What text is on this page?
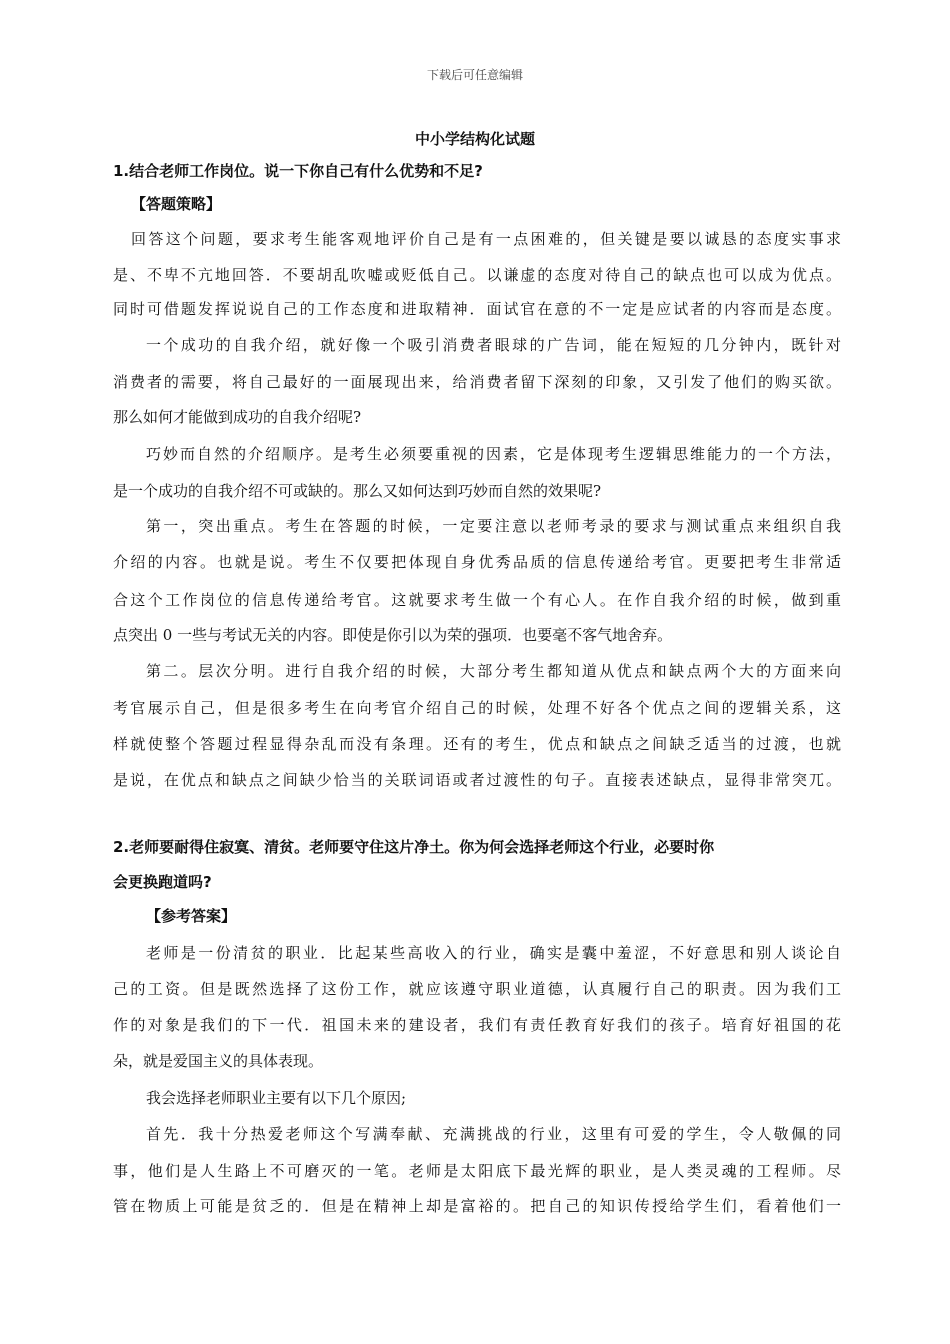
下载后可任意编辑
中小学结构化试题
1.结合老师工作岗位。说一下你自己有什么优势和不足?
【答题策略】
回答这个问题，要求考生能客观地评价自己是有一点困难的，但关键是要以诚恳的态度实事求
是、不卑不亢地回答．不要胡乱吹嘘或贬低自己。以谦虚的态度对待自己的缺点也可以成为优点。
同时可借题发挥说说自己的工作态度和进取精神．面试官在意的不一定是应试者的内容而是态度。
一个成功的自我介绍，就好像一个吸引消费者眼球的广告词，能在短短的几分钟内，既针对
消费者的需要，将自己最好的一面展现出来，给消费者留下深刻的印象，又引发了他们的购买欲。
那么如何才能做到成功的自我介绍呢?
巧妙而自然的介绍顺序。是考生必须要重视的因素，它是体现考生逻辑思维能力的一个方法，
是一个成功的自我介绍不可或缺的。那么又如何达到巧妙而自然的效果呢?
第一，突出重点。考生在答题的时候，一定要注意以老师考录的要求与测试重点来组织自我
介绍的内容。也就是说。考生不仅要把体现自身优秀品质的信息传递给考官。更要把考生非常适
合这个工作岗位的信息传递给考官。这就要求考生做一个有心人。在作自我介绍的时候，做到重
点突出 0 一些与考试无关的内容。即使是你引以为荣的强项．也要毫不客气地舍弃。
第二。层次分明。进行自我介绍的时候，大部分考生都知道从优点和缺点两个大的方面来向
考官展示自己，但是很多考生在向考官介绍自己的时候，处理不好各个优点之间的逻辑关系，这
样就使整个答题过程显得杂乱而没有条理。还有的考生，优点和缺点之间缺乏适当的过渡，也就
是说，在优点和缺点之间缺少恰当的关联词语或者过渡性的句子。直接表述缺点，显得非常突兀。
2.老师要耐得住寂寞、清贫。老师要守住这片净土。你为何会选择老师这个行业，必要时你
会更换跑道吗?
【参考答案】
老师是一份清贫的职业．比起某些高收入的行业，确实是囊中羞涩，不好意思和别人谈论自
己的工资。但是既然选择了这份工作，就应该遵守职业道德，认真履行自己的职责。因为我们工
作的对象是我们的下一代．祖国未来的建设者，我们有责任教育好我们的孩子。培育好祖国的花
朵，就是爱国主义的具体表现。
我会选择老师职业主要有以下几个原因;
首先．我十分热爱老师这个写满奉献、充满挑战的行业，这里有可爱的学生，令人敬佩的同
事，他们是人生路上不可磨灭的一笔。老师是太阳底下最光辉的职业，是人类灵魂的工程师。尽
管在物质上可能是贫乏的．但是在精神上却是富裕的。把自己的知识传授给学生们，看着他们一
